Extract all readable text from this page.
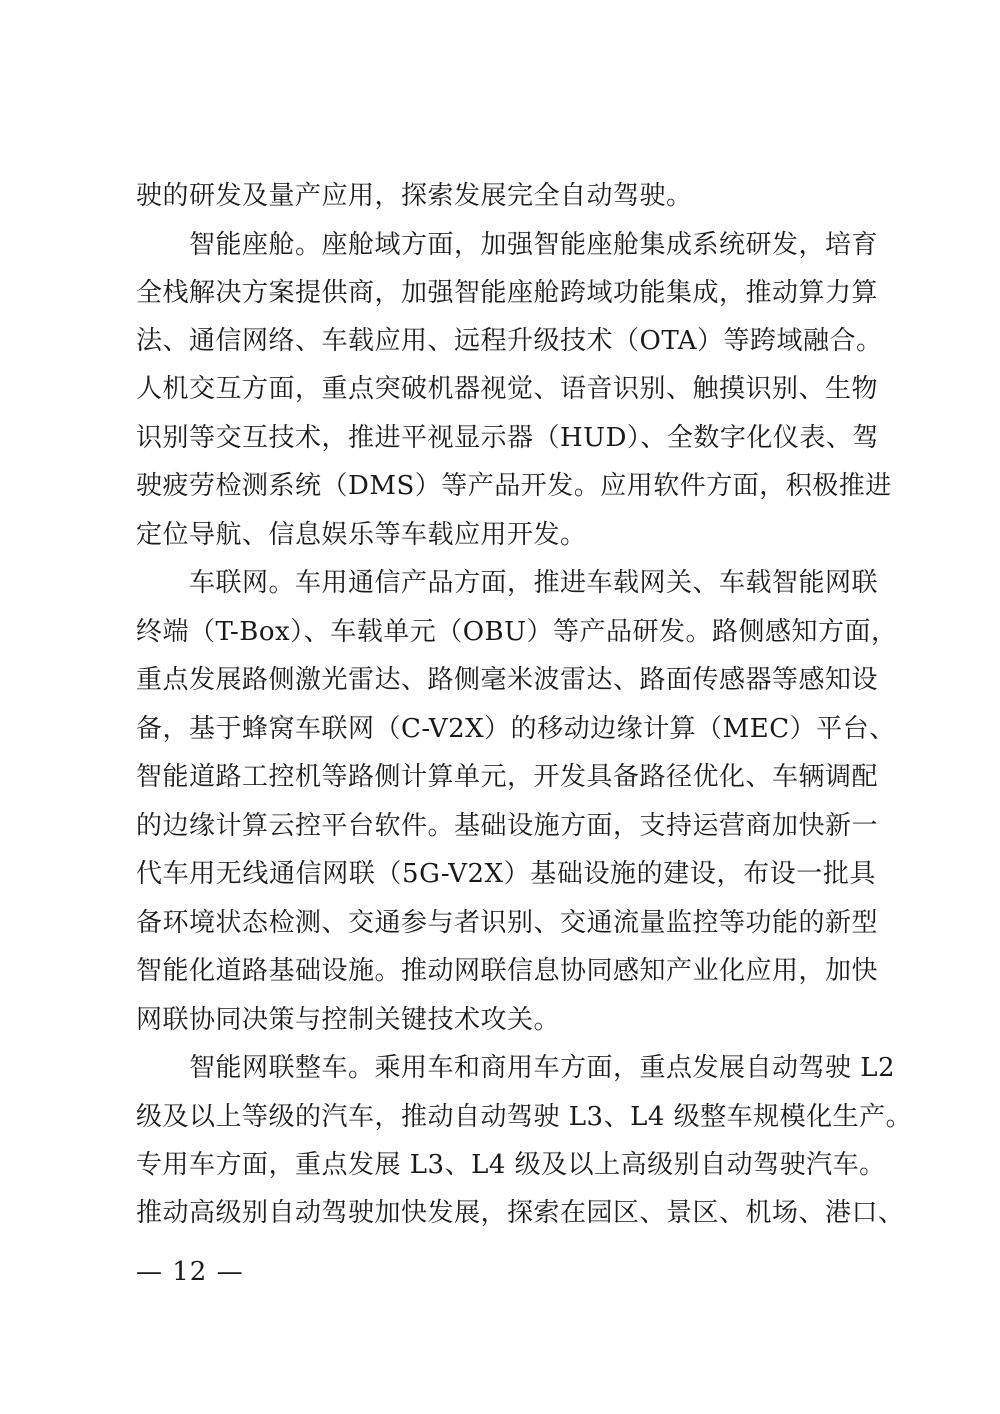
驶的研发及量产应用，探索发展完全自动驾驶。
　　智能座舱。座舱域方面，加强智能座舱集成系统研发，培育
全栈解决方案提供商，加强智能座舱跨域功能集成，推动算力算
法、通信网络、车载应用、远程升级技术（OTA）等跨域融合。
人机交互方面，重点突破机器视觉、语音识别、触摸识别、生物
识别等交互技术，推进平视显示器（HUD）、全数字化仪表、驾
驶疲劳检测系统（DMS）等产品开发。应用软件方面，积极推进
定位导航、信息娱乐等车载应用开发。
　　车联网。车用通信产品方面，推进车载网关、车载智能网联
终端（T-Box）、车载单元（OBU）等产品研发。路侧感知方面，
重点发展路侧激光雷达、路侧毫米波雷达、路面传感器等感知设
备，基于蜂窝车联网（C-V2X）的移动边缘计算（MEC）平台、
智能道路工控机等路侧计算单元，开发具备路径优化、车辆调配
的边缘计算云控平台软件。基础设施方面，支持运营商加快新一
代车用无线通信网联（5G-V2X）基础设施的建设，布设一批具
备环境状态检测、交通参与者识别、交通流量监控等功能的新型
智能化道路基础设施。推动网联信息协同感知产业化应用，加快
网联协同决策与控制关键技术攻关。
　　智能网联整车。乘用车和商用车方面，重点发展自动驾驶 L2
级及以上等级的汽车，推动自动驾驶 L3、L4 级整车规模化生产。
专用车方面，重点发展 L3、L4 级及以上高级别自动驾驶汽车。
推动高级别自动驾驶加快发展，探索在园区、景区、机场、港口、
— 12 —
